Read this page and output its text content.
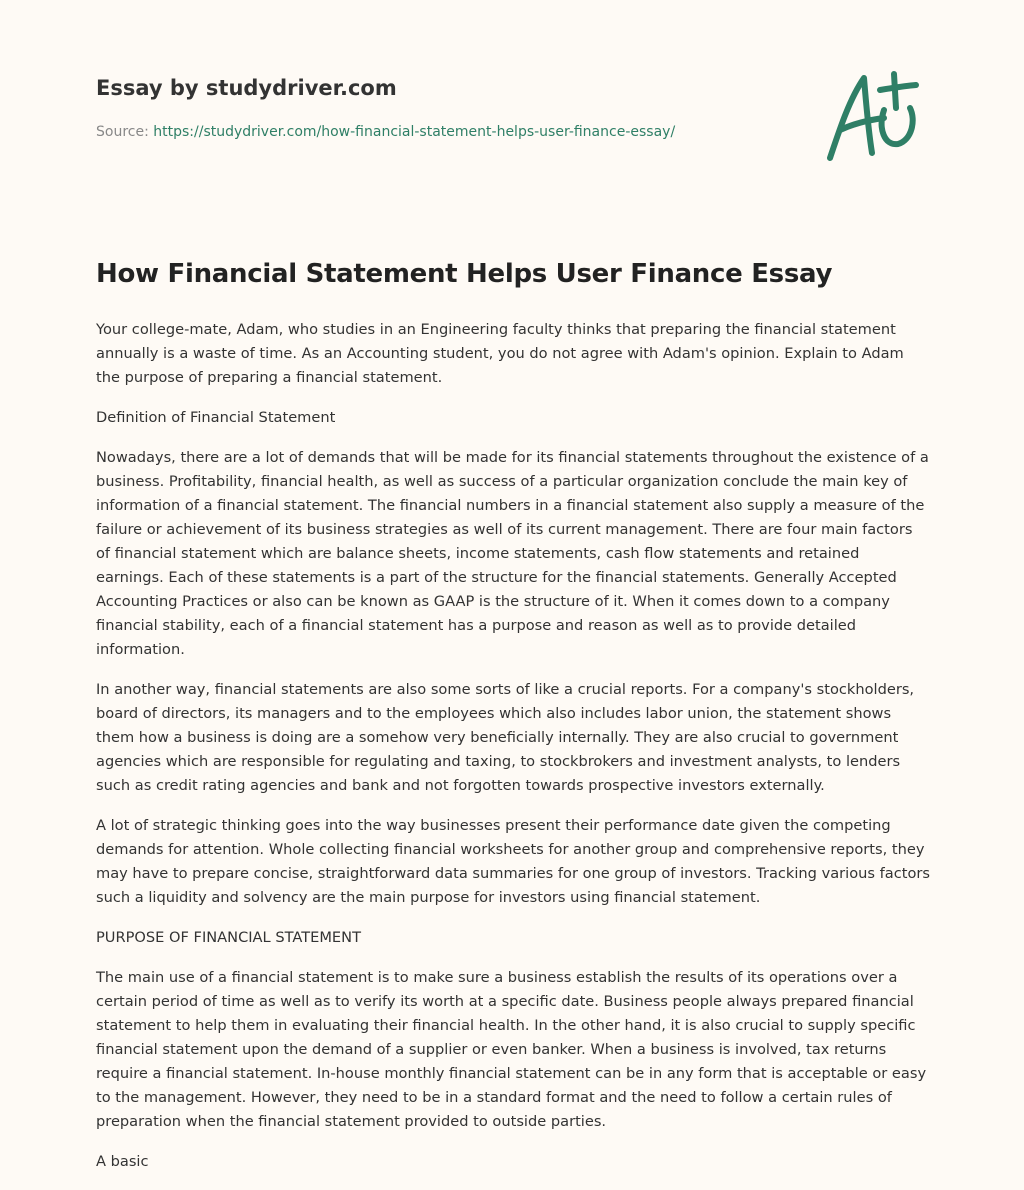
Essay by studydriver.com
Source: https://studydriver.com/how-financial-statement-helps-user-finance-essay/
How Financial Statement Helps User Finance Essay

Your college-mate, Adam, who studies in an Engineering faculty thinks that preparing the financial statement annually is a waste of time. As an Accounting student, you do not agree with Adam's opinion. Explain to Adam the purpose of preparing a financial statement.

Definition of Financial Statement

Nowadays, there are a lot of demands that will be made for its financial statements throughout the existence of a business. Profitability, financial health, as well as success of a particular organization conclude the main key of information of a financial statement. The financial numbers in a financial statement also supply a measure of the failure or achievement of its business strategies as well of its current management. There are four main factors of financial statement which are balance sheets, income statements, cash flow statements and retained earnings. Each of these statements is a part of the structure for the financial statements. Generally Accepted Accounting Practices or also can be known as GAAP is the structure of it. When it comes down to a company financial stability, each of a financial statement has a purpose and reason as well as to provide detailed information.

In another way, financial statements are also some sorts of like a crucial reports. For a company's stockholders, board of directors, its managers and to the employees which also includes labor union, the statement shows them how a business is doing are a somehow very beneficially internally. They are also crucial to government agencies which are responsible for regulating and taxing, to stockbrokers and investment analysts, to lenders such as credit rating agencies and bank and not forgotten towards prospective investors externally.

A lot of strategic thinking goes into the way businesses present their performance date given the competing demands for attention. Whole collecting financial worksheets for another group and comprehensive reports, they may have to prepare concise, straightforward data summaries for one group of investors. Tracking various factors such a liquidity and solvency are the main purpose for investors using financial statement.

PURPOSE OF FINANCIAL STATEMENT

The main use of a financial statement is to make sure a business establish the results of its operations over a certain period of time as well as to verify its worth at a specific date. Business people always prepared financial statement to help them in evaluating their financial health. In the other hand, it is also crucial to supply specific financial statement upon the demand of a supplier or even banker. When a business is involved, tax returns require a financial statement. In-house monthly financial statement can be in any form that is acceptable or easy to the management. However, they need to be in a standard format and the need to follow a certain rules of preparation when the financial statement provided to outside parties.

A basic
